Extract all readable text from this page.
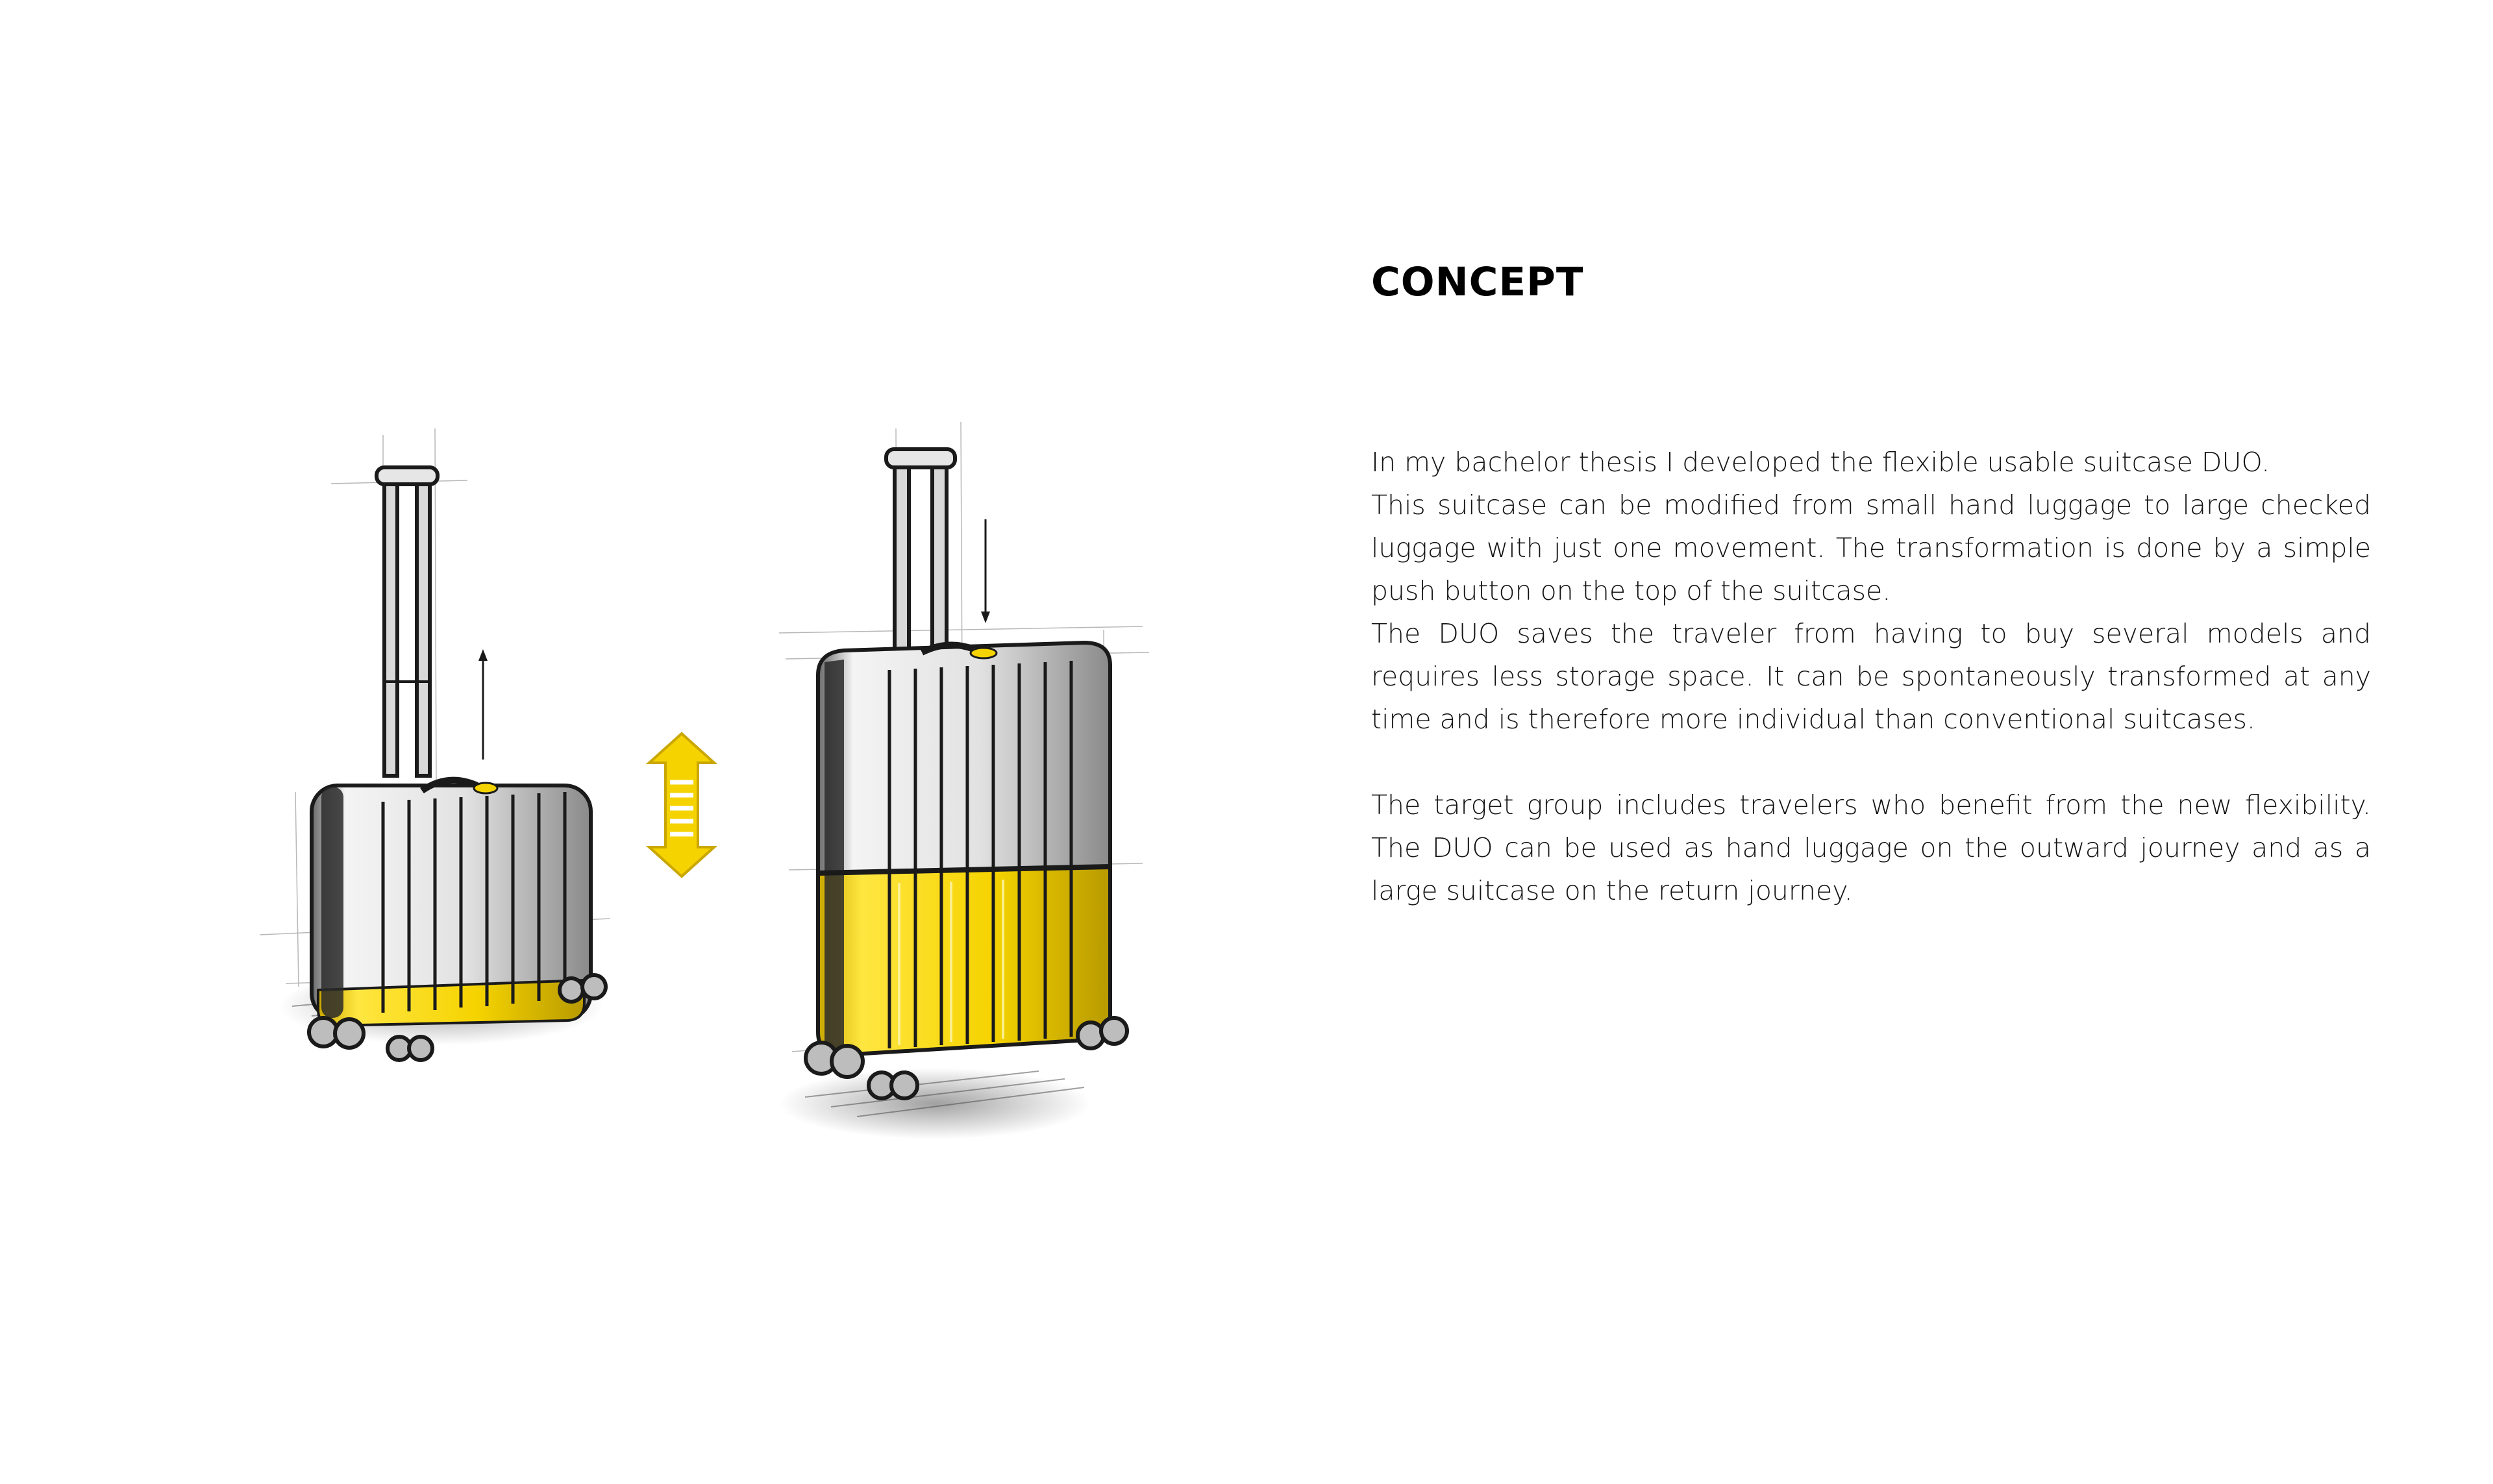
CONCEPT

In my bachelor thesis I developed the flexible usable suitcase DUO.

This suitcase can be modified from small hand luggage to large checked luggage with just one movement. The transformation is done by a simple push button on the top of the suitcase.

The DUO saves the traveler from having to buy several models and requires less storage space. It can be spontaneously transformed at any time and is therefore more individual than conventional suitcases.

The target group includes travelers who benefit from the new flexibility. The DUO can be used as hand luggage on the outward journey and as a large suitcase on the return journey.
